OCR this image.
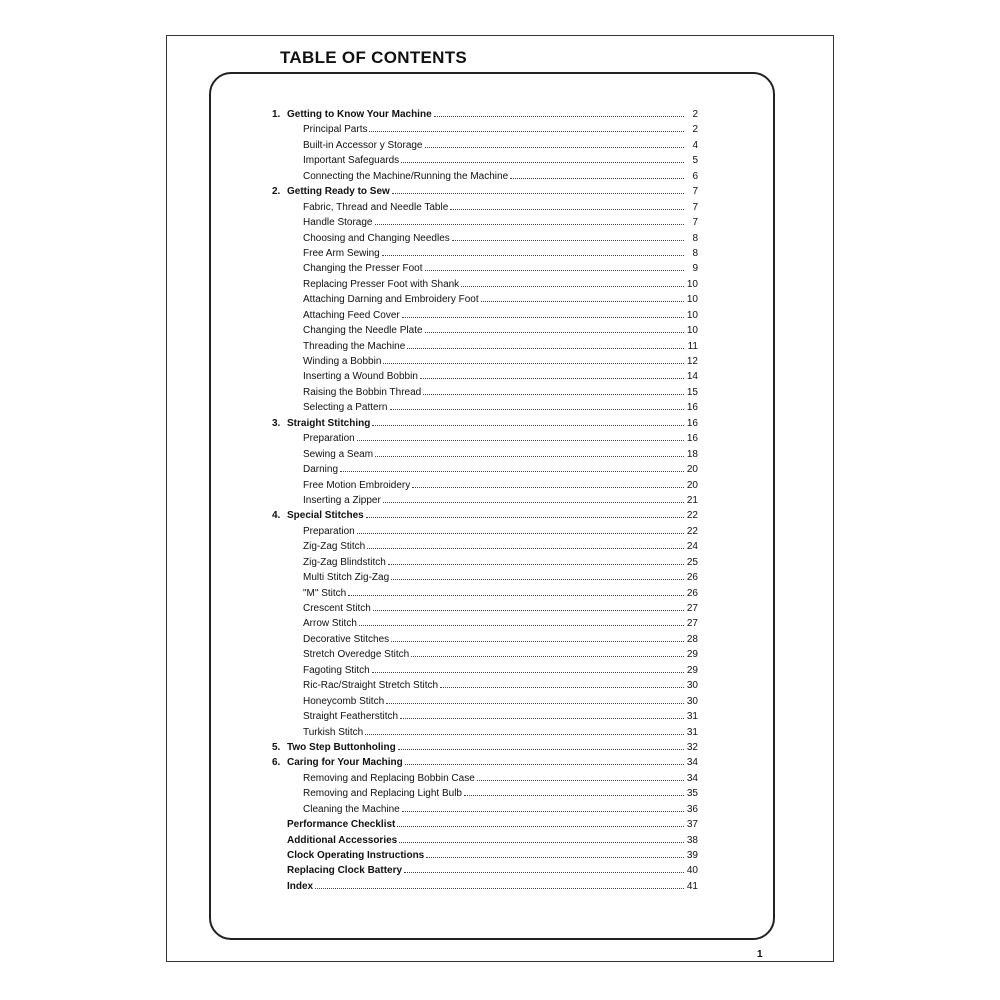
TABLE OF CONTENTS
1. Getting to Know Your Machine	2
Principal Parts	2
Built-in Accessor y Storage	4
Important Safeguards	5
Connecting the Machine/Running the Machine	6
2. Getting Ready to Sew	7
Fabric, Thread and Needle Table	7
Handle Storage	7
Choosing and Changing Needles	8
Free Arm Sewing	8
Changing the Presser Foot	9
Replacing Presser Foot with Shank	10
Attaching Darning and Embroidery Foot	10
Attaching Feed Cover	10
Changing the Needle Plate	10
Threading the Machine	11
Winding a Bobbin	12
Inserting a Wound Bobbin	14
Raising the Bobbin Thread	15
Selecting a Pattern	16
3. Straight Stitching	16
Preparation	16
Sewing a Seam	18
Darning	20
Free Motion Embroidery	20
Inserting a Zipper	21
4. Special Stitches	22
Preparation	22
Zig-Zag Stitch	24
Zig-Zag Blindstitch	25
Multi Stitch Zig-Zag	26
"M" Stitch	26
Crescent Stitch	27
Arrow Stitch	27
Decorative Stitches	28
Stretch Overedge Stitch	29
Fagoting Stitch	29
Ric-Rac/Straight Stretch Stitch	30
Honeycomb Stitch	30
Straight Featherstitch	31
Turkish Stitch	31
5. Two Step Buttonholing	32
6. Caring for Your Maching	34
Removing and Replacing Bobbin Case	34
Removing and Replacing Light Bulb	35
Cleaning the Machine	36
Performance Checklist	37
Additional Accessories	38
Clock Operating Instructions	39
Replacing Clock Battery	40
Index	41

1
